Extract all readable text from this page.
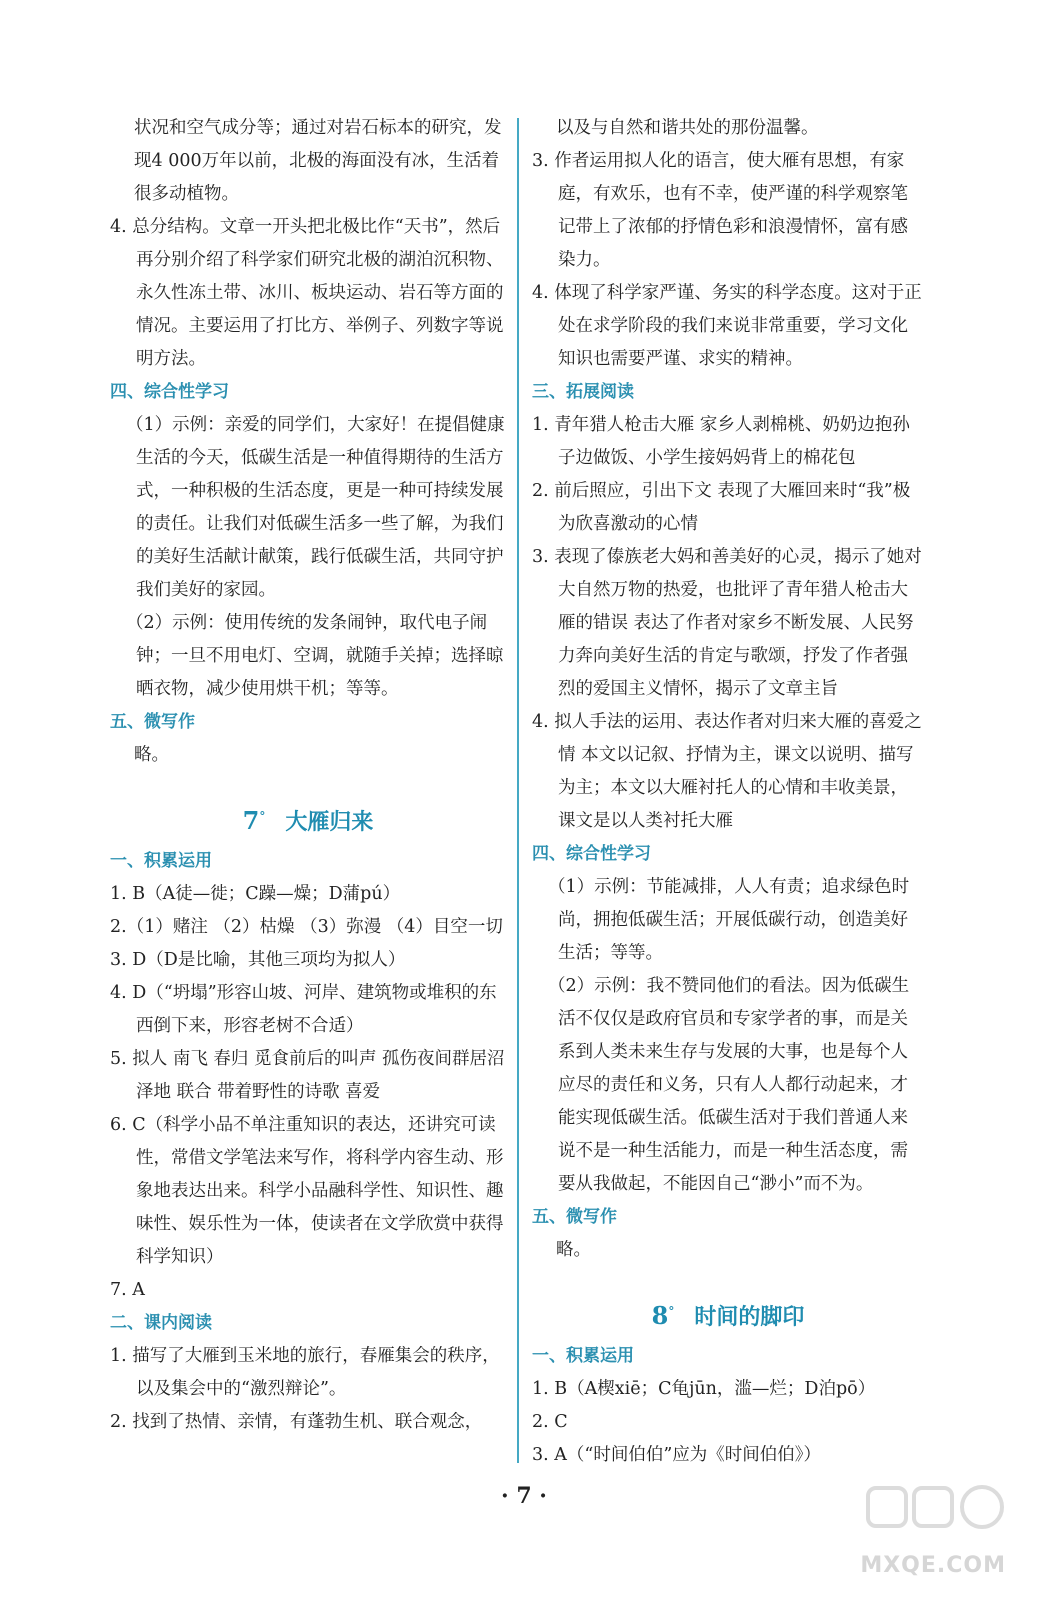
状况和空气成分等；通过对岩石标本的研究，发现4 000万年以前，北极的海面没有冰，生活着很多动植物。

4. 总分结构。文章一开头把北极比作“天书”，然后再分别介绍了科学家们研究北极的湖泊沉积物、永久性冻土带、冰川、板块运动、岩石等方面的情况。主要运用了打比方、举例子、列数字等说明方法。

四、综合性学习

（1）示例：亲爱的同学们，大家好！在提倡健康生活的今天，低碳生活是一种值得期待的生活方式，一种积极的生活态度，更是一种可持续发展的责任。让我们对低碳生活多一些了解，为我们的美好生活献计献策，践行低碳生活，共同守护我们美好的家园。

（2）示例：使用传统的发条闹钟，取代电子闹钟；一旦不用电灯、空调，就随手关掉；选择晾晒衣物，减少使用烘干机；等等。

五、微写作

略。

7° 大雁归来

一、积累运用

1. B（A徒—徙；C躁—燥；D蒲pú）

2.（1）赌注 （2）枯燥 （3）弥漫 （4）目空一切

3. D（D是比喻，其他三项均为拟人）

4. D（“坍塌”形容山坡、河岸、建筑物或堆积的东西倒下来，形容老树不合适）

5. 拟人 南飞 春归 觅食前后的叫声 孤伤夜间群居沼泽地 联合 带着野性的诗歌 喜爱

6. C（科学小品不单注重知识的表达，还讲究可读性，常借文学笔法来写作，将科学内容生动、形象地表达出来。科学小品融科学性、知识性、趣味性、娱乐性为一体，使读者在文学欣赏中获得科学知识）

7. A

二、课内阅读

1. 描写了大雁到玉米地的旅行，春雁集会的秩序，以及集会中的“激烈辩论”。

2. 找到了热情、亲情，有蓬勃生机、联合观念，

以及与自然和谐共处的那份温馨。

3. 作者运用拟人化的语言，使大雁有思想，有家庭，有欢乐，也有不幸，使严谨的科学观察笔记带上了浓郁的抒情色彩和浪漫情怀，富有感染力。

4. 体现了科学家严谨、务实的科学态度。这对于正处在求学阶段的我们来说非常重要，学习文化知识也需要严谨、求实的精神。

三、拓展阅读

1. 青年猎人枪击大雁 家乡人剥棉桃、奶奶边抱孙子边做饭、小学生接妈妈背上的棉花包

2. 前后照应，引出下文 表现了大雁回来时“我”极为欣喜激动的心情

3. 表现了傣族老大妈和善美好的心灵，揭示了她对大自然万物的热爱，也批评了青年猎人枪击大雁的错误 表达了作者对家乡不断发展、人民努力奔向美好生活的肯定与歌颂，抒发了作者强烈的爱国主义情怀，揭示了文章主旨

4. 拟人手法的运用、表达作者对归来大雁的喜爱之情 本文以记叙、抒情为主，课文以说明、描写为主；本文以大雁衬托人的心情和丰收美景，课文是以人类衬托大雁

四、综合性学习

（1）示例：节能减排，人人有责；追求绿色时尚，拥抱低碳生活；开展低碳行动，创造美好生活；等等。

（2）示例：我不赞同他们的看法。因为低碳生活不仅仅是政府官员和专家学者的事，而是关系到人类未来生存与发展的大事，也是每个人应尽的责任和义务，只有人人都行动起来，才能实现低碳生活。低碳生活对于我们普通人来说不是一种生活能力，而是一种生活态度，需要从我做起，不能因自己“渺小”而不为。

五、微写作

略。

8° 时间的脚印

一、积累运用

1. B（A楔xiē；C龟jūn，滥—烂；D泊pō）

2. C

3. A（“时间伯伯”应为《时间伯伯》）

· 7 ·
MXQE.COM
